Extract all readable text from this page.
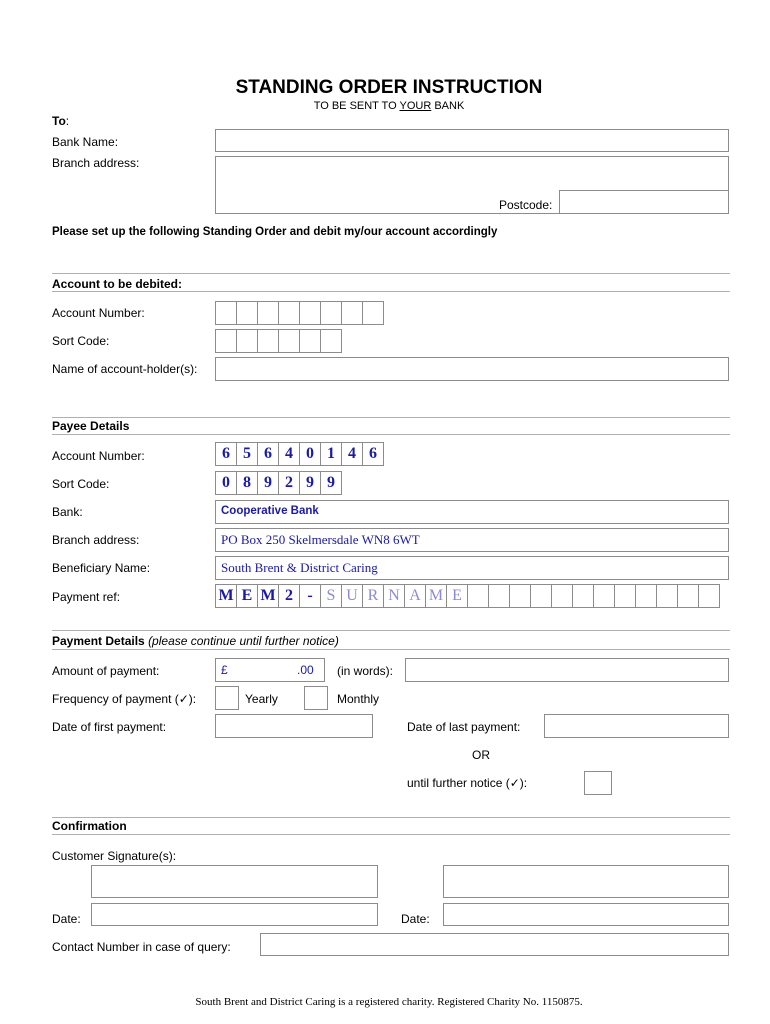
STANDING ORDER INSTRUCTION
TO BE SENT TO YOUR BANK
To:
Bank Name:
Branch address:
Postcode:
Please set up the following Standing Order and debit my/our account accordingly
Account to be debited:
Account Number:
Sort Code:
Name of account-holder(s):
Payee Details
Account Number:	6 5 6 4 0 1 4 6
Sort Code:	0 8 9 2 9 9
Bank:	Cooperative Bank
Branch address:	PO Box 250 Skelmersdale WN8 6WT
Beneficiary Name:	South Brent & District Caring
Payment ref:	M E M 2 - S U R N A M E
Payment Details (please continue until further notice)
Amount of payment:	£	.00 (in words):
Frequency of payment (✓):	Yearly	Monthly
Date of first payment:	Date of last payment:
OR
until further notice (✓):
Confirmation
Customer Signature(s):
Date:	Date:
Contact Number in case of query:
South Brent and District Caring is a registered charity. Registered Charity No. 1150875.
